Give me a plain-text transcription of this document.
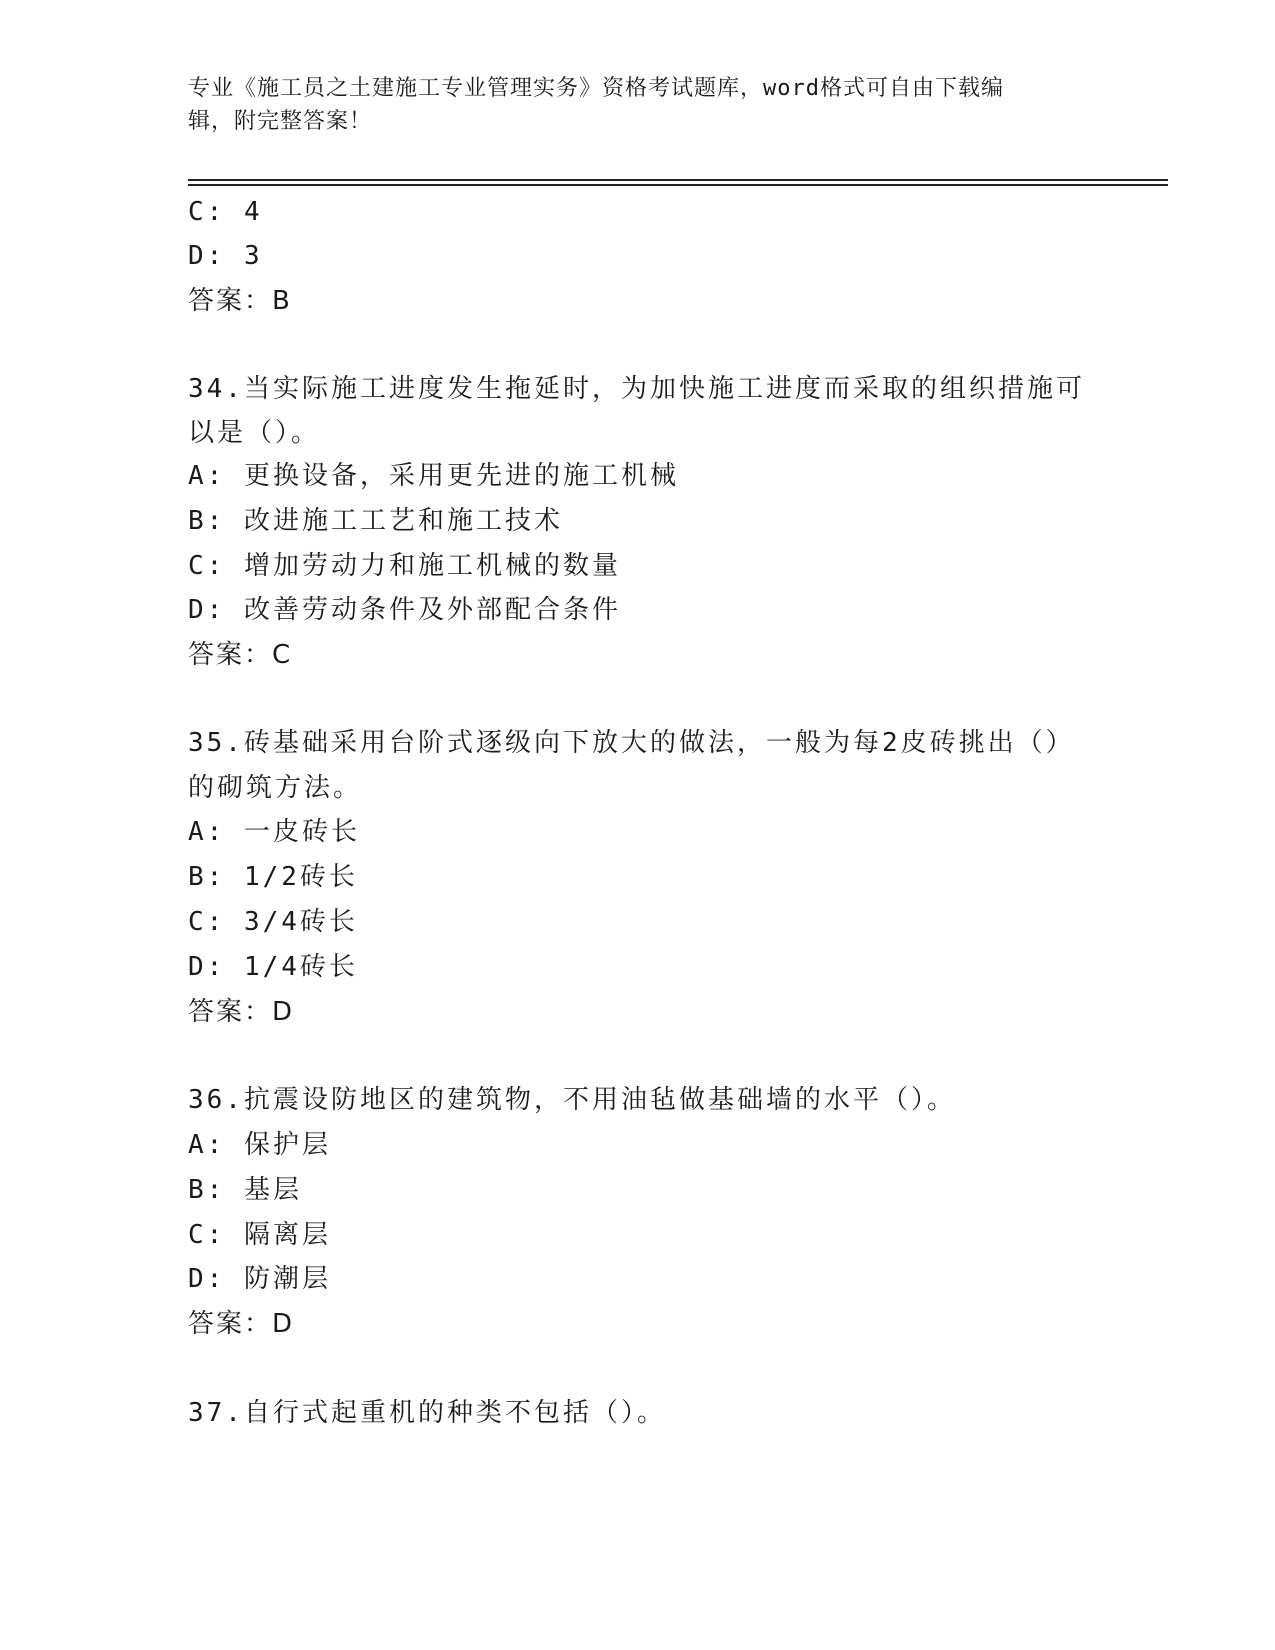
专业《施工员之土建施工专业管理实务》资格考试题库，word格式可自由下载编
辑，附完整答案！
C: 4
D: 3
答案：B
34.当实际施工进度发生拖延时，为加快施工进度而采取的组织措施可
以是（）。
A: 更换设备，采用更先进的施工机械
B: 改进施工工艺和施工技术
C: 增加劳动力和施工机械的数量
D: 改善劳动条件及外部配合条件
答案：C
35.砖基础采用台阶式逐级向下放大的做法，一般为每2皮砖挑出（）
的砌筑方法。
A: 一皮砖长
B: 1/2砖长
C: 3/4砖长
D: 1/4砖长
答案：D
36.抗震设防地区的建筑物，不用油毡做基础墙的水平（）。
A: 保护层
B: 基层
C: 隔离层
D: 防潮层
答案：D
37.自行式起重机的种类不包括（）。
